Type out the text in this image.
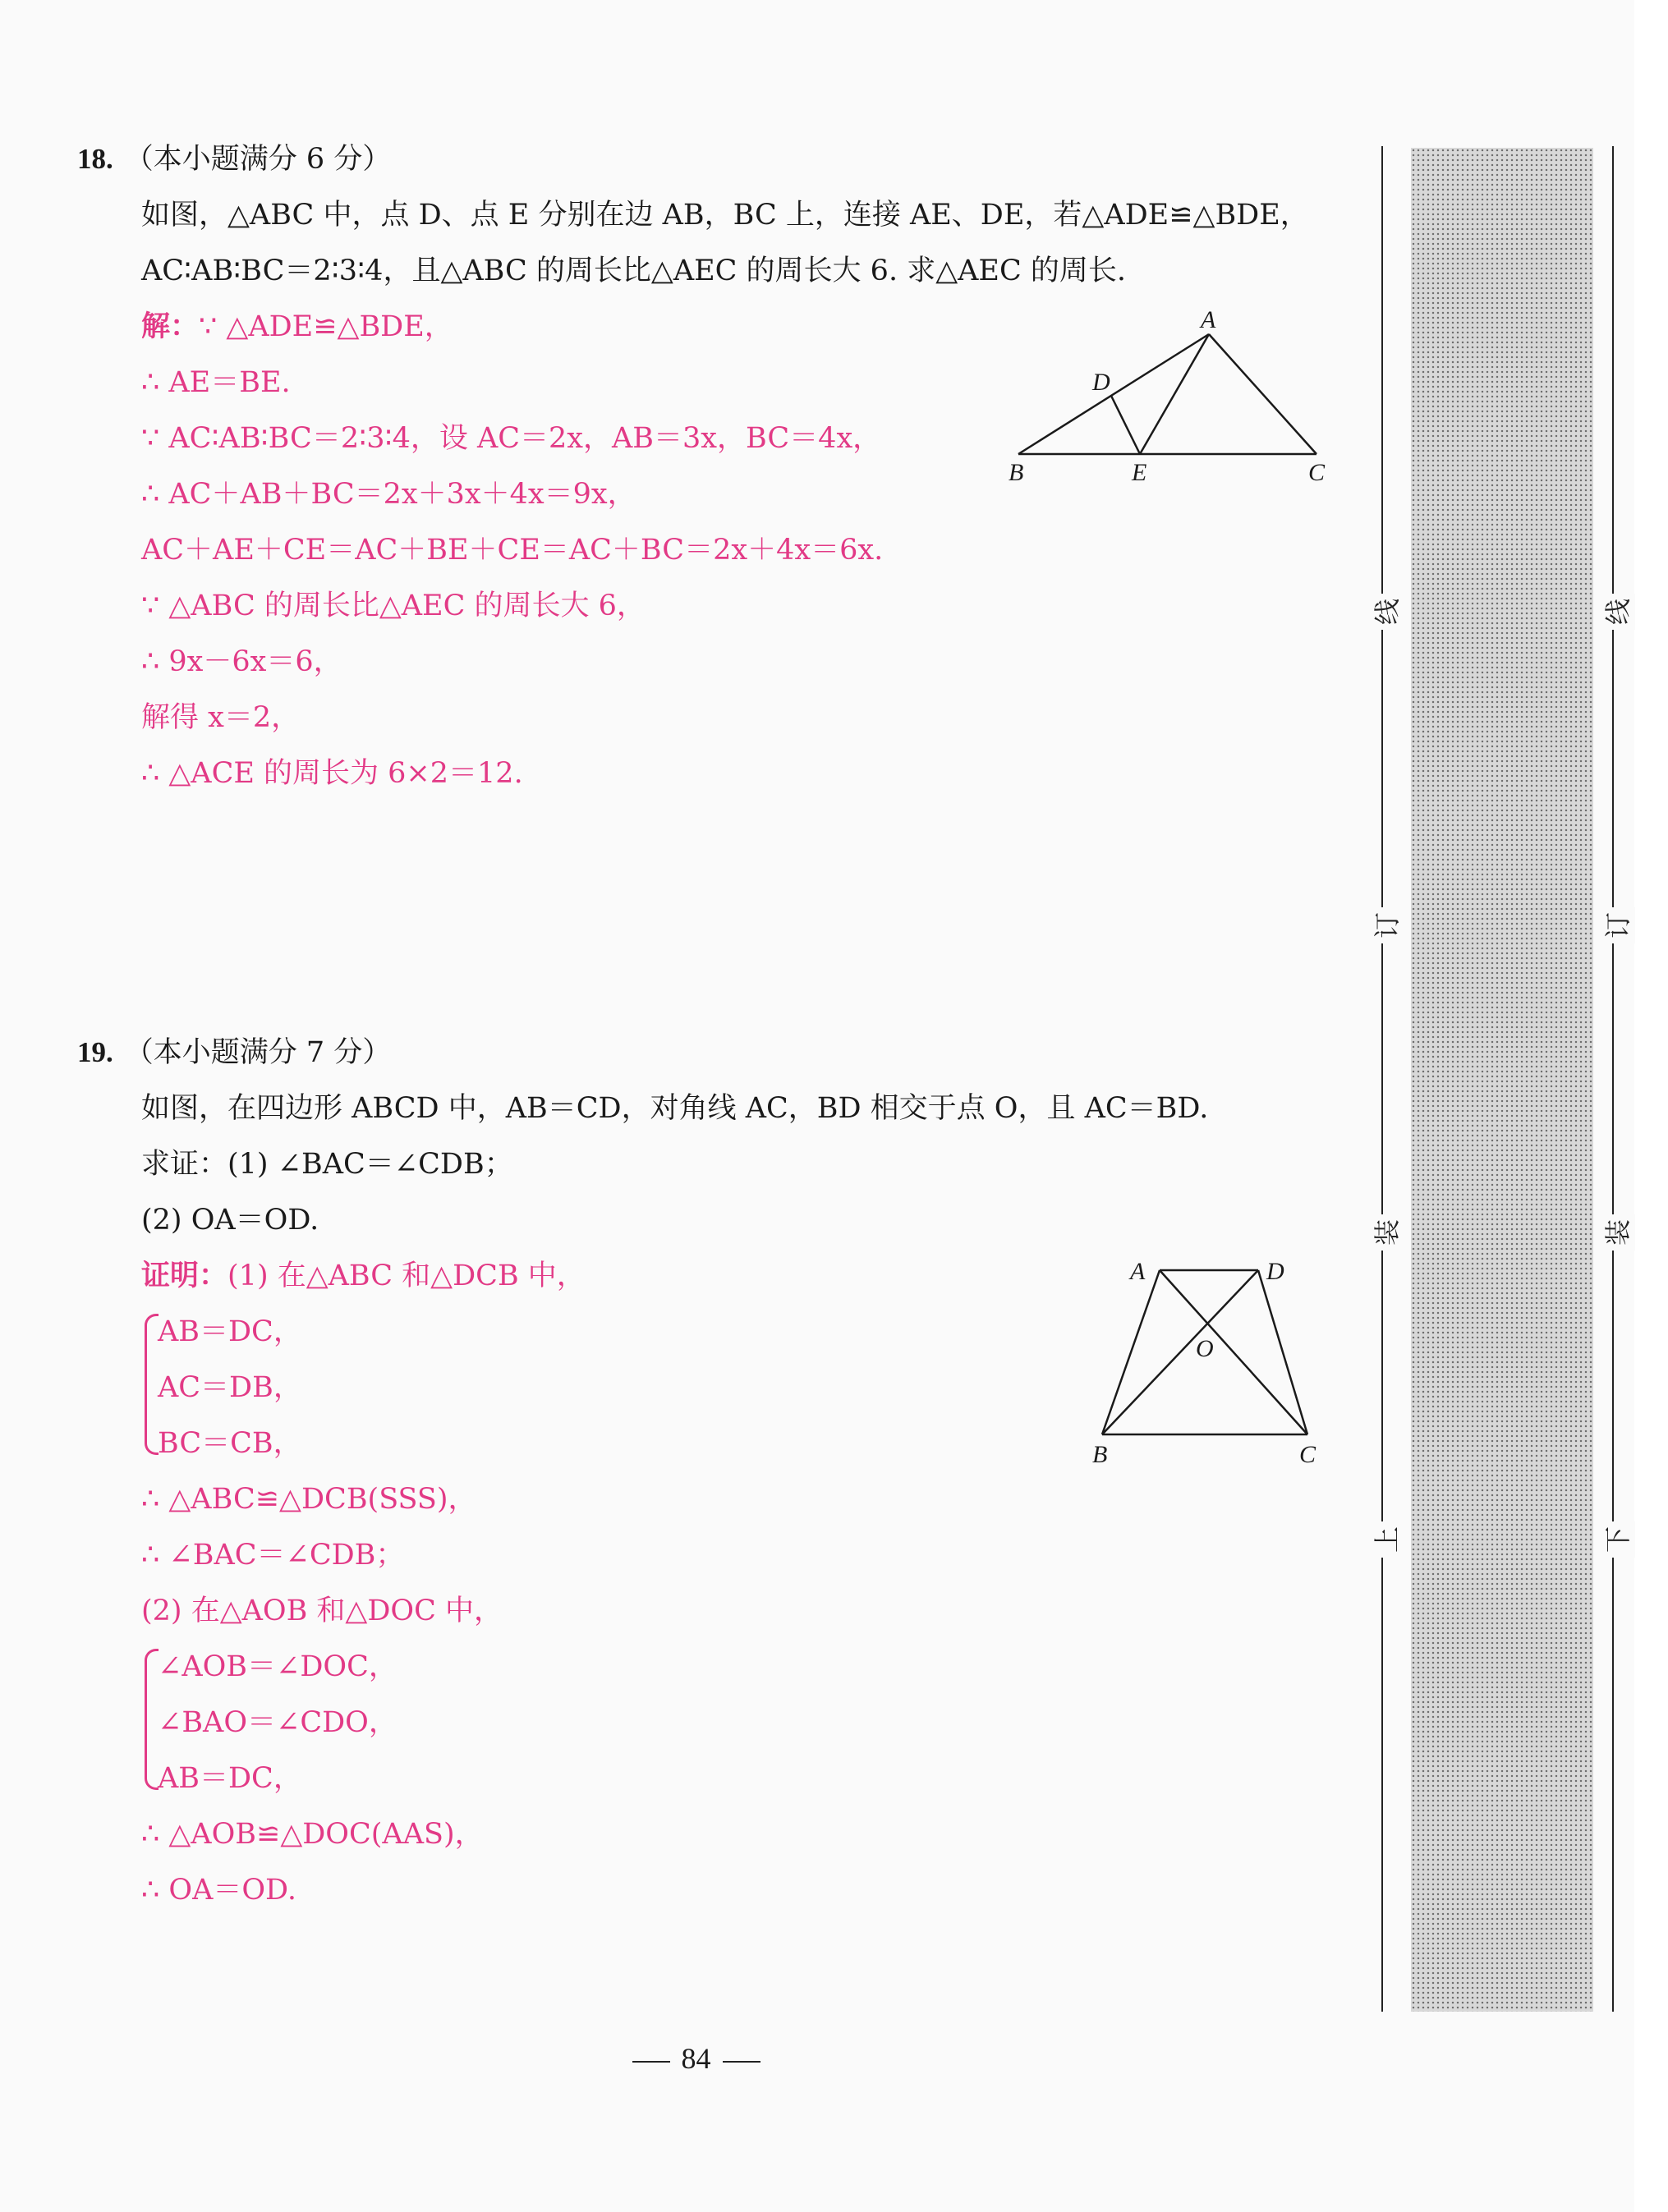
18. （本小题满分 6 分）
如图，△ABC 中，点 D、点 E 分别在边 AB，BC 上，连接 AE、DE，若△ADE≌△BDE，
AC∶AB∶BC＝2∶3∶4，且△ABC 的周长比△AEC 的周长大 6. 求△AEC 的周长.
解：∵ △ADE≌△BDE，
∴ AE＝BE.
∵ AC∶AB∶BC＝2∶3∶4，设 AC＝2x，AB＝3x，BC＝4x，
∴ AC＋AB＋BC＝2x＋3x＋4x＝9x，
AC＋AE＋CE＝AC＋BE＋CE＝AC＋BC＝2x＋4x＝6x.
∵ △ABC 的周长比△AEC 的周长大 6，
∴ 9x－6x＝6，
解得 x＝2，
∴ △ACE 的周长为 6×2＝12.
A
B	C
D
E
19. （本小题满分 7 分）
如图，在四边形 ABCD 中，AB＝CD，对角线 AC，BD 相交于点 O，且 AC＝BD.
求证：(1) ∠BAC＝∠CDB；
(2) OA＝OD.
证明：(1) 在△ABC 和△DCB 中，
AB＝DC，
AC＝DB，
BC＝CB，
∴ △ABC≌△DCB(SSS)，
∴ ∠BAC＝∠CDB；
(2) 在△AOB 和△DOC 中，
∠AOB＝∠DOC，
∠BAO＝∠CDO，
AB＝DC，
∴ △AOB≌△DOC(AAS)，
∴ OA＝OD.
A	D
O
B	C
线
订
装
上
线
订
装
下
84
